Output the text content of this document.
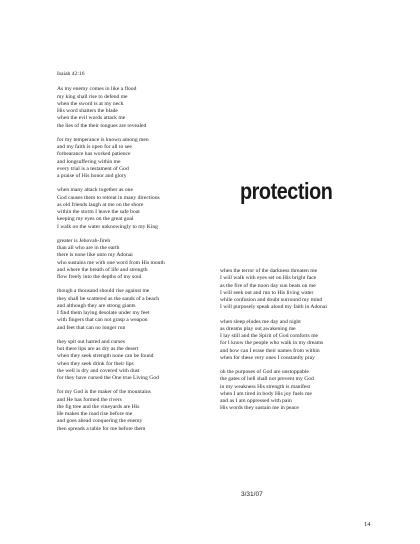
Isaiah 42:16
As my enemy comes in like a flood
my king shall rise to defend me
when the sword is at my neck
His word shatters the blade
when the evil words attack me
the lies of the their tongues are revealed
for my temperance is known among men
and my faith is open for all to see
forbearance has worked patience
and longsuffering within me
every trial is a testament of God
a praise of His honor and glory
when many attack together as one
God causes them to retreat in many directions
as old friends laugh at me on the shore
within the storm I leave the safe boat
keeping my eyes on the great goal
I walk on the water unknowingly to my King
greater is Jehovah-Jireh
than all who are in the earth
there is none like unto my Adonai
who sustains me with one word from His mouth
and where the breath of life and strength
flow freely into the depths of my soul
though a thousand should rise against me
they shall be scattered as the sands of a beach
and although they are strong giants
I find them laying desolate under my feet
with fingers that can not grasp a weapon
and feet that can no longer run
they spit out hatred and curses
but there lips are as dry as the desert
when they seek strength none can be found
when they seek drink for their lips
the well is dry and covered with dust
for they have cursed the One true Living God
for my God is the maker of the mountains
and He has formed the rivers
the fig tree and the vineyards are His
He makes the road rise before me
and goes ahead conquering the enemy
then spreads a table for me before them
protection
when the terror of the darkness threaten me
I will walk with eyes set on His bright face
as the fire of the noon day sun beats on me
I will seek out and run to His living water
while confusion and doubt surround my mind
I will purposely speak aloud my faith in Adonai
when sleep eludes me day and night
as dreams play out awakening me
I lay still and the Spirit of God comforts me
for I know the people who walk in my dreams
and how can I erase their names from within
when for these very ones I constantly pray
oh the purposes of God are unstoppable
the gates of hell shall not prevent my God
in my weakness His strength is manifest
when I am tired in body His joy fuels me
and as I am oppressed with pain
His words they sustain me in peace
3/31/07
14
